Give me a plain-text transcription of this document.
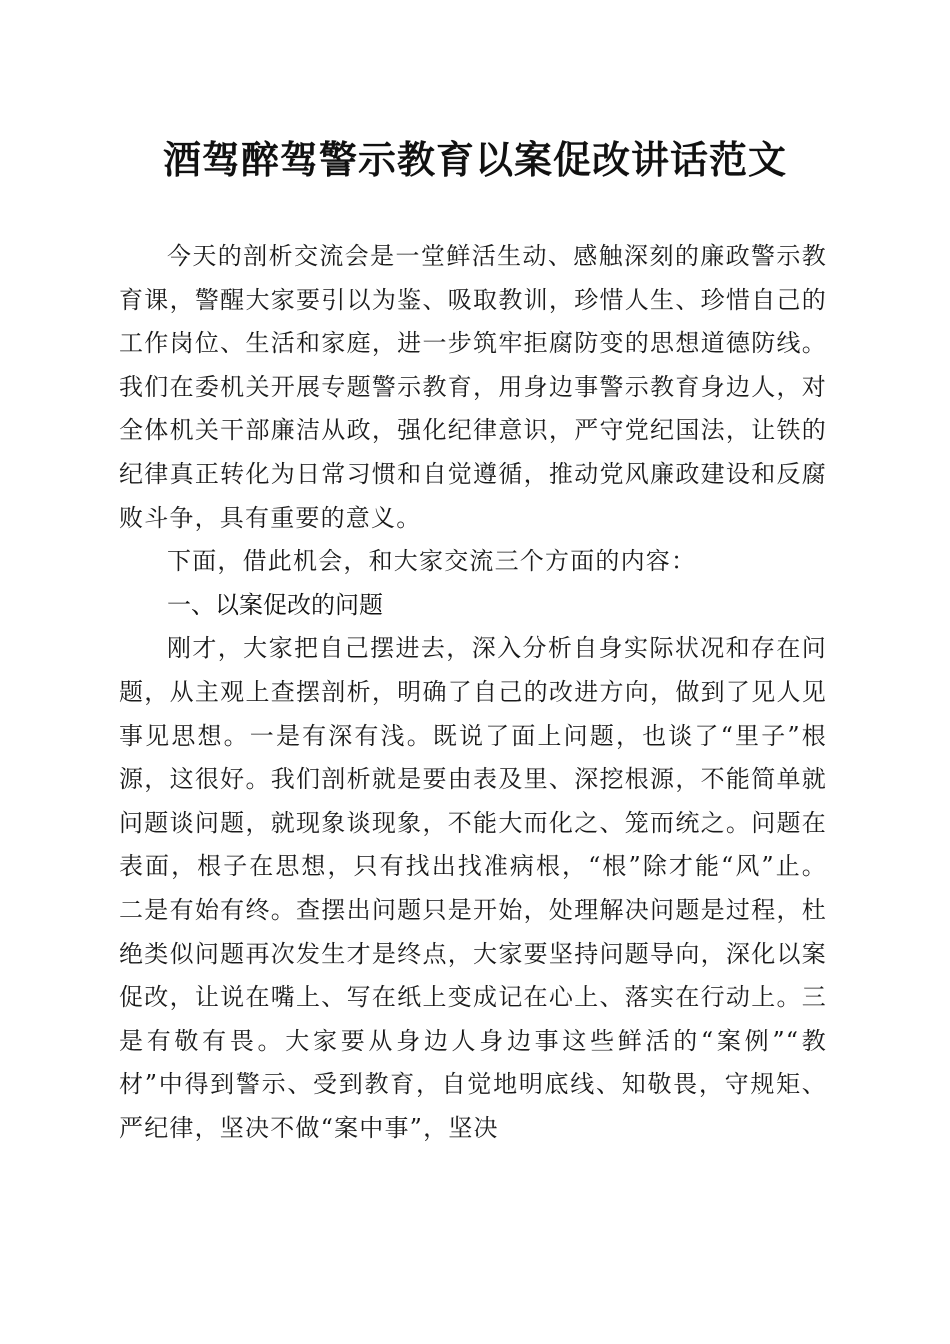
酒驾醉驾警示教育以案促改讲话范文

今天的剖析交流会是一堂鲜活生动、感触深刻的廉政警示教育课，警醒大家要引以为鉴、吸取教训，珍惜人生、珍惜自己的工作岗位、生活和家庭，进一步筑牢拒腐防变的思想道德防线。我们在委机关开展专题警示教育，用身边事警示教育身边人，对全体机关干部廉洁从政，强化纪律意识，严守党纪国法，让铁的纪律真正转化为日常习惯和自觉遵循，推动党风廉政建设和反腐败斗争，具有重要的意义。

下面，借此机会，和大家交流三个方面的内容：

一、以案促改的问题

刚才，大家把自己摆进去，深入分析自身实际状况和存在问题，从主观上查摆剖析，明确了自己的改进方向，做到了见人见事见思想。一是有深有浅。既说了面上问题，也谈了“里子”根源，这很好。我们剖析就是要由表及里、深挖根源，不能简单就问题谈问题，就现象谈现象，不能大而化之、笼而统之。问题在表面，根子在思想，只有找出找准病根，“根”除才能“风”止。二是有始有终。查摆出问题只是开始，处理解决问题是过程，杜绝类似问题再次发生才是终点，大家要坚持问题导向，深化以案促改，让说在嘴上、写在纸上变成记在心上、落实在行动上。三是有敬有畏。大家要从身边人身边事这些鲜活的“案例”“教材”中得到警示、受到教育，自觉地明底线、知敬畏，守规矩、严纪律，坚决不做“案中事”，坚决
